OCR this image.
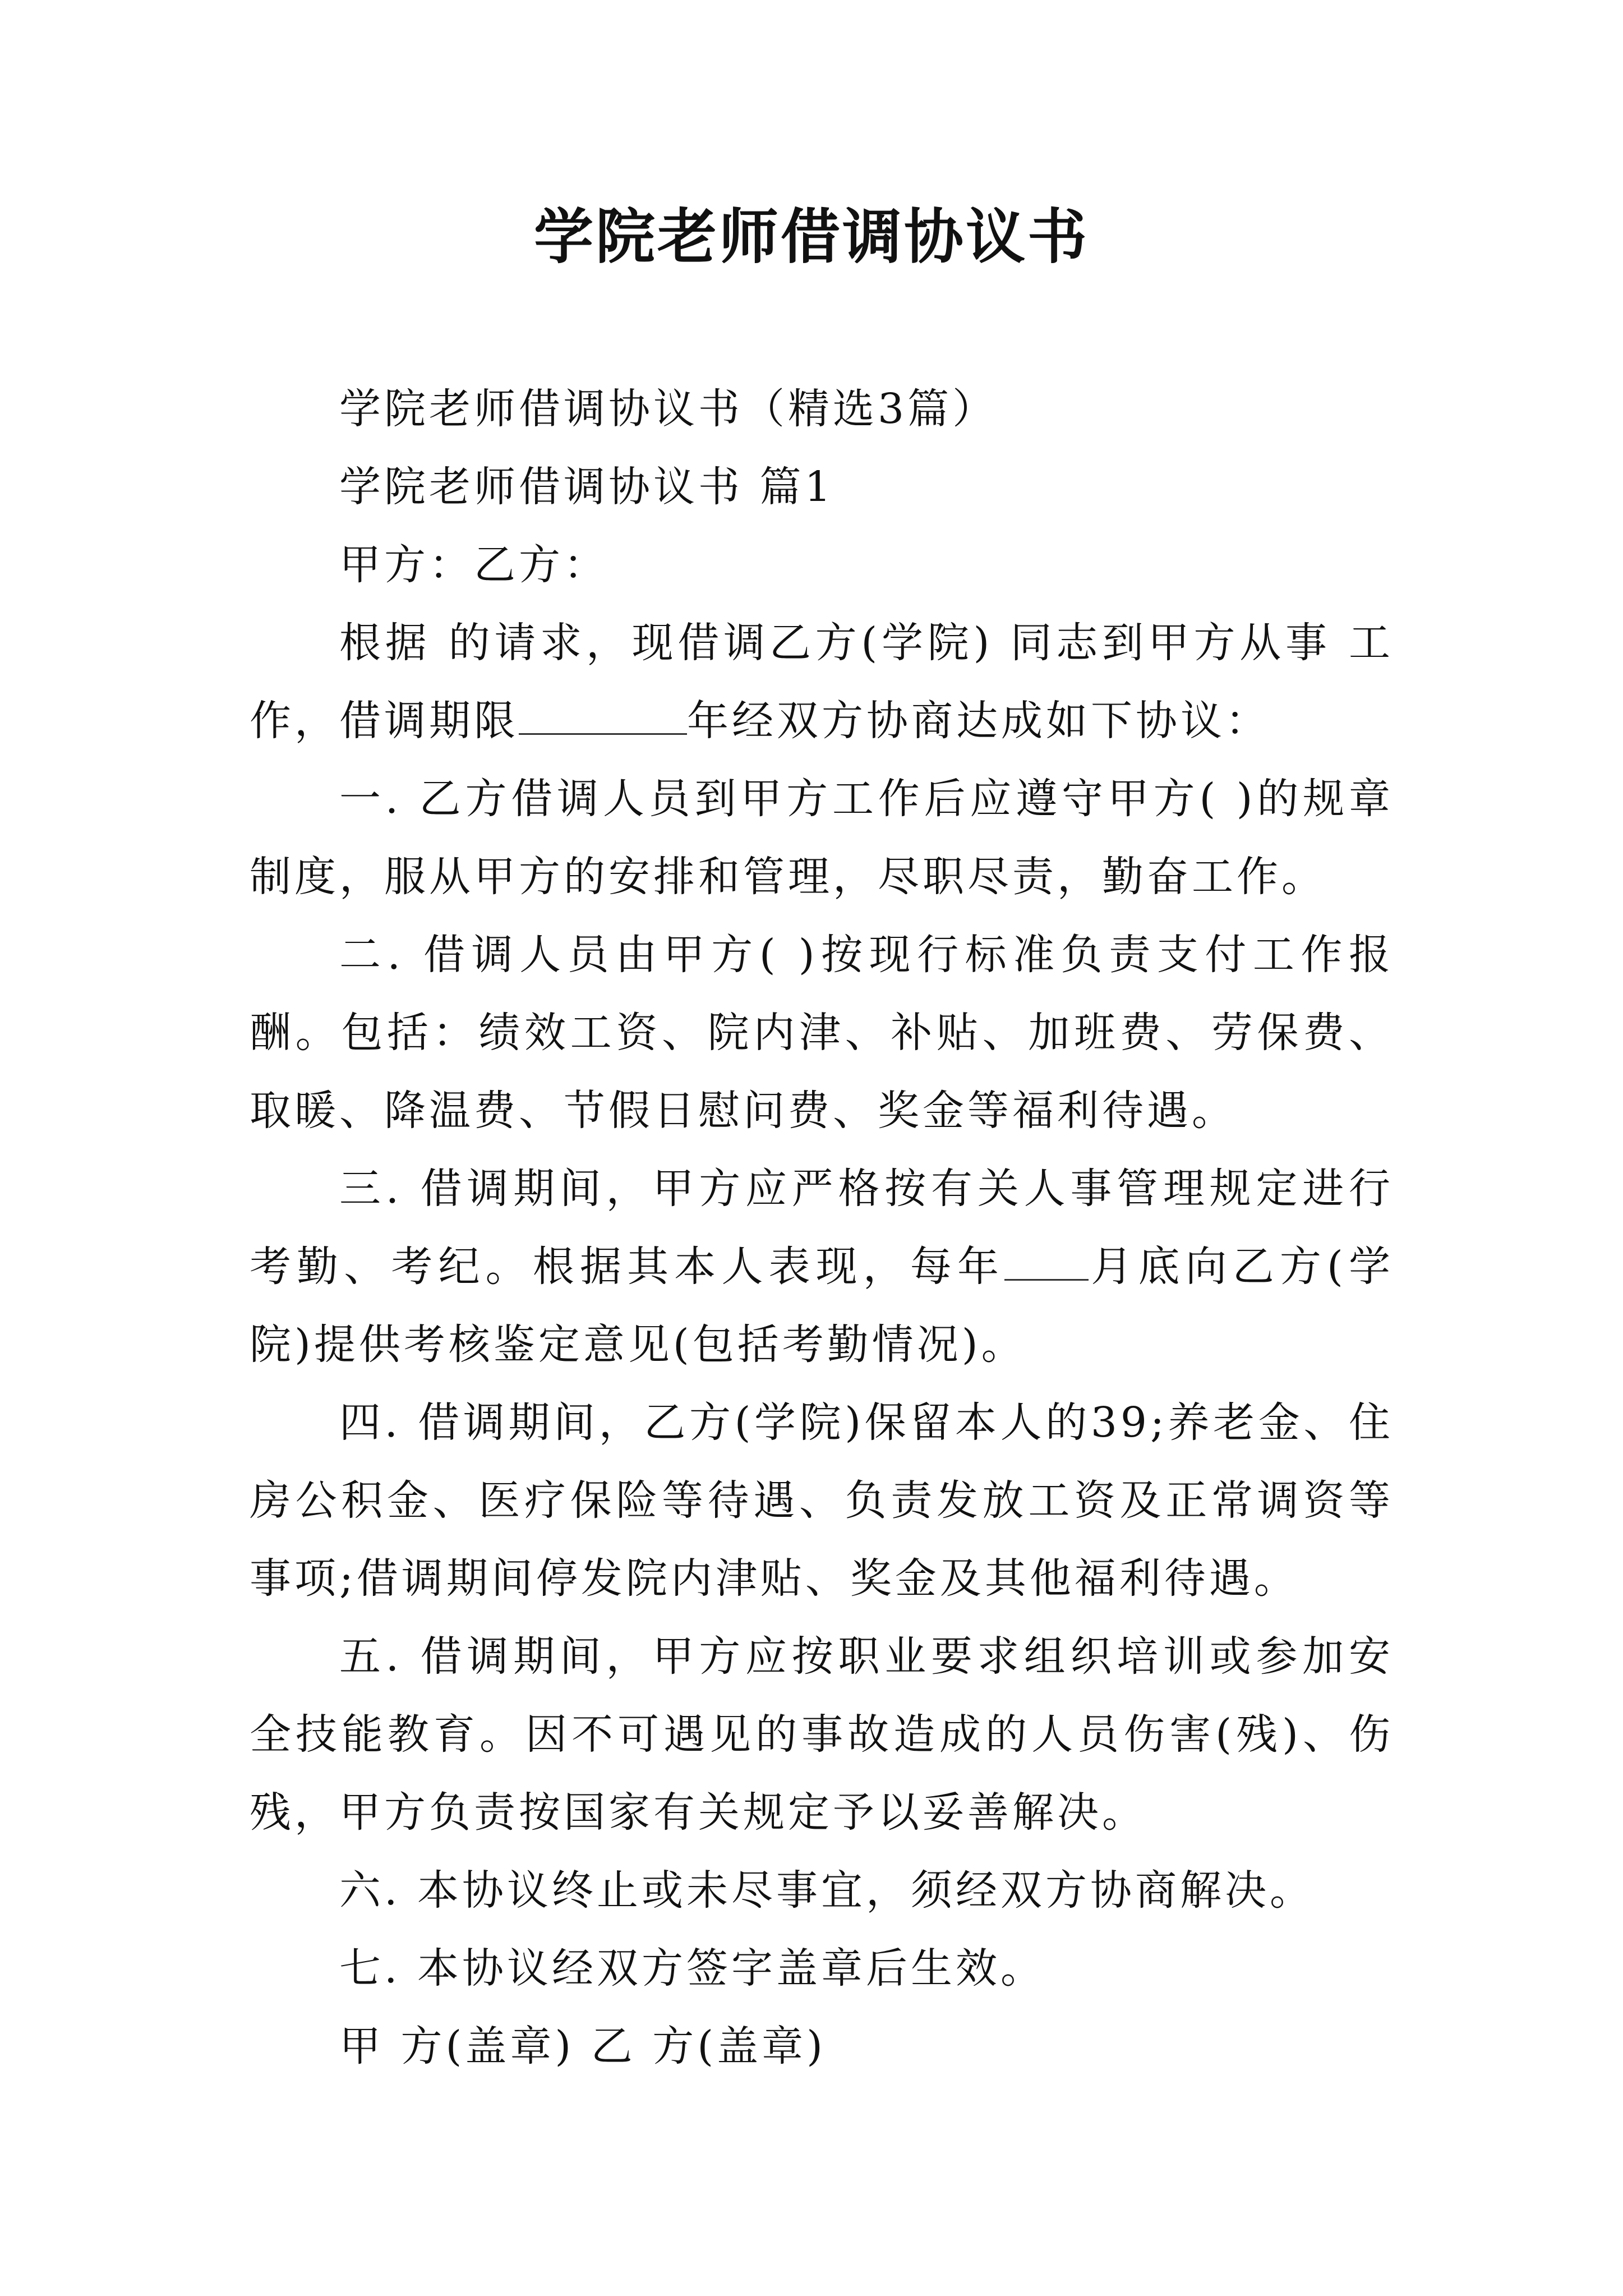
学院老师借调协议书

学院老师借调协议书（精选3篇）

学院老师借调协议书 篇1

甲方：乙方：

根据 的请求，现借调乙方(学院) 同志到甲方从事 工作，借调期限	年经双方协商达成如下协议：

一. 乙方借调人员到甲方工作后应遵守甲方( )的规章制度，服从甲方的安排和管理，尽职尽责，勤奋工作。

二. 借调人员由甲方( )按现行标准负责支付工作报酬。包括：绩效工资、院内津、补贴、加班费、劳保费、取暖、降温费、节假日慰问费、奖金等福利待遇。

三. 借调期间，甲方应严格按有关人事管理规定进行考勤、考纪。根据其本人表现，每年 月底向乙方(学院)提供考核鉴定意见(包括考勤情况)。

四. 借调期间，乙方(学院)保留本人的39;养老金、住房公积金、医疗保险等待遇、负责发放工资及正常调资等事项;借调期间停发院内津贴、奖金及其他福利待遇。

五. 借调期间，甲方应按职业要求组织培训或参加安全技能教育。因不可遇见的事故造成的人员伤害(残)、伤残，甲方负责按国家有关规定予以妥善解决。

六. 本协议终止或未尽事宜，须经双方协商解决。

七. 本协议经双方签字盖章后生效。

甲 方(盖章) 乙 方(盖章)
